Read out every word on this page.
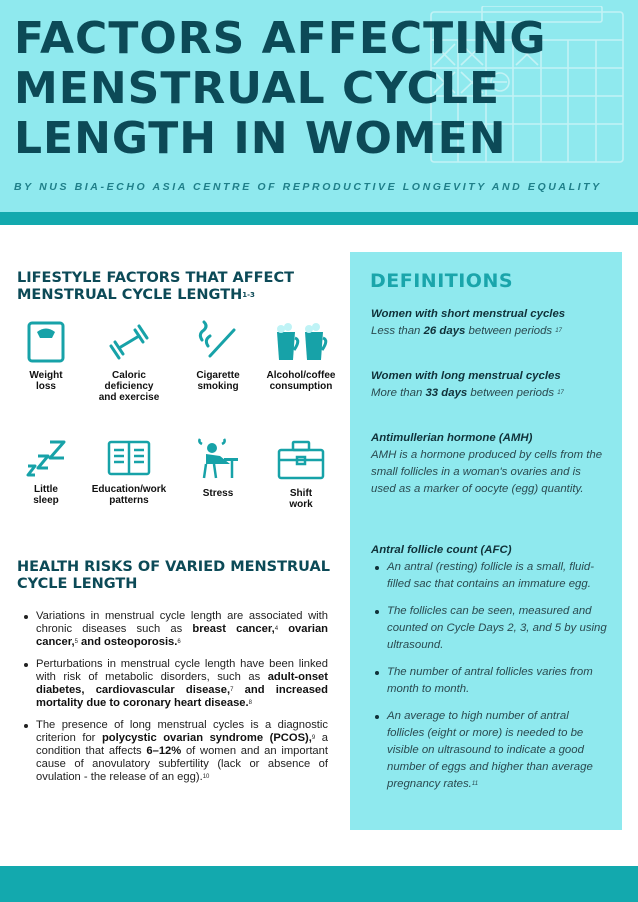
FACTORS AFFECTING
MENSTRUAL CYCLE
LENGTH IN WOMEN
BY NUS BIA-ECHO ASIA CENTRE OF REPRODUCTIVE LONGEVITY AND EQUALITY
LIFESTYLE FACTORS THAT AFFECT
MENSTRUAL CYCLE LENGTH$^{1-3}$
Weight
loss
Caloric deficiency
and exercise
Cigarette
smoking
Alcohol/coffee
consumption
Little
sleep
Education/work
patterns
Stress	Shift
work
HEALTH RISKS OF VARIED MENSTRUAL
CYCLE LENGTH
Variations in menstrual cycle length are associated with chronic diseases such as breast cancer,$^4$ ovarian cancer,$^5$ and osteoporosis.$^6$
Perturbations in menstrual cycle length have been linked with risk of metabolic disorders, such as adult-onset diabetes, cardiovascular disease,$^7$ and increased mortality due to coronary heart disease.$^8$
The presence of long menstrual cycles is a diagnostic criterion for polycystic ovarian syndrome (PCOS),$^9$ a condition that affects 6–12% of women and an important cause of anovulatory subfertility (lack or absence of ovulation - the release of an egg).$^{10}$
DEFINITIONS
Women with short menstrual cycles
Less than 26 days between periods $^{17}$
Women with long menstrual cycles
More than 33 days between periods $^{17}$
Antimullerian hormone (AMH)
AMH is a hormone produced by cells from the small follicles in a woman's ovaries and is used as a marker of oocyte (egg) quantity.
Antral follicle count (AFC)
An antral (resting) follicle is a small, fluid-filled sac that contains an immature egg.
The follicles can be seen, measured and counted on Cycle Days 2, 3, and 5 by using ultrasound.
The number of antral follicles varies from month to month.
An average to high number of antral follicles (eight or more) is needed to be visible on ultrasound to indicate a good number of eggs and higher than average pregnancy rates.$^{11}$
